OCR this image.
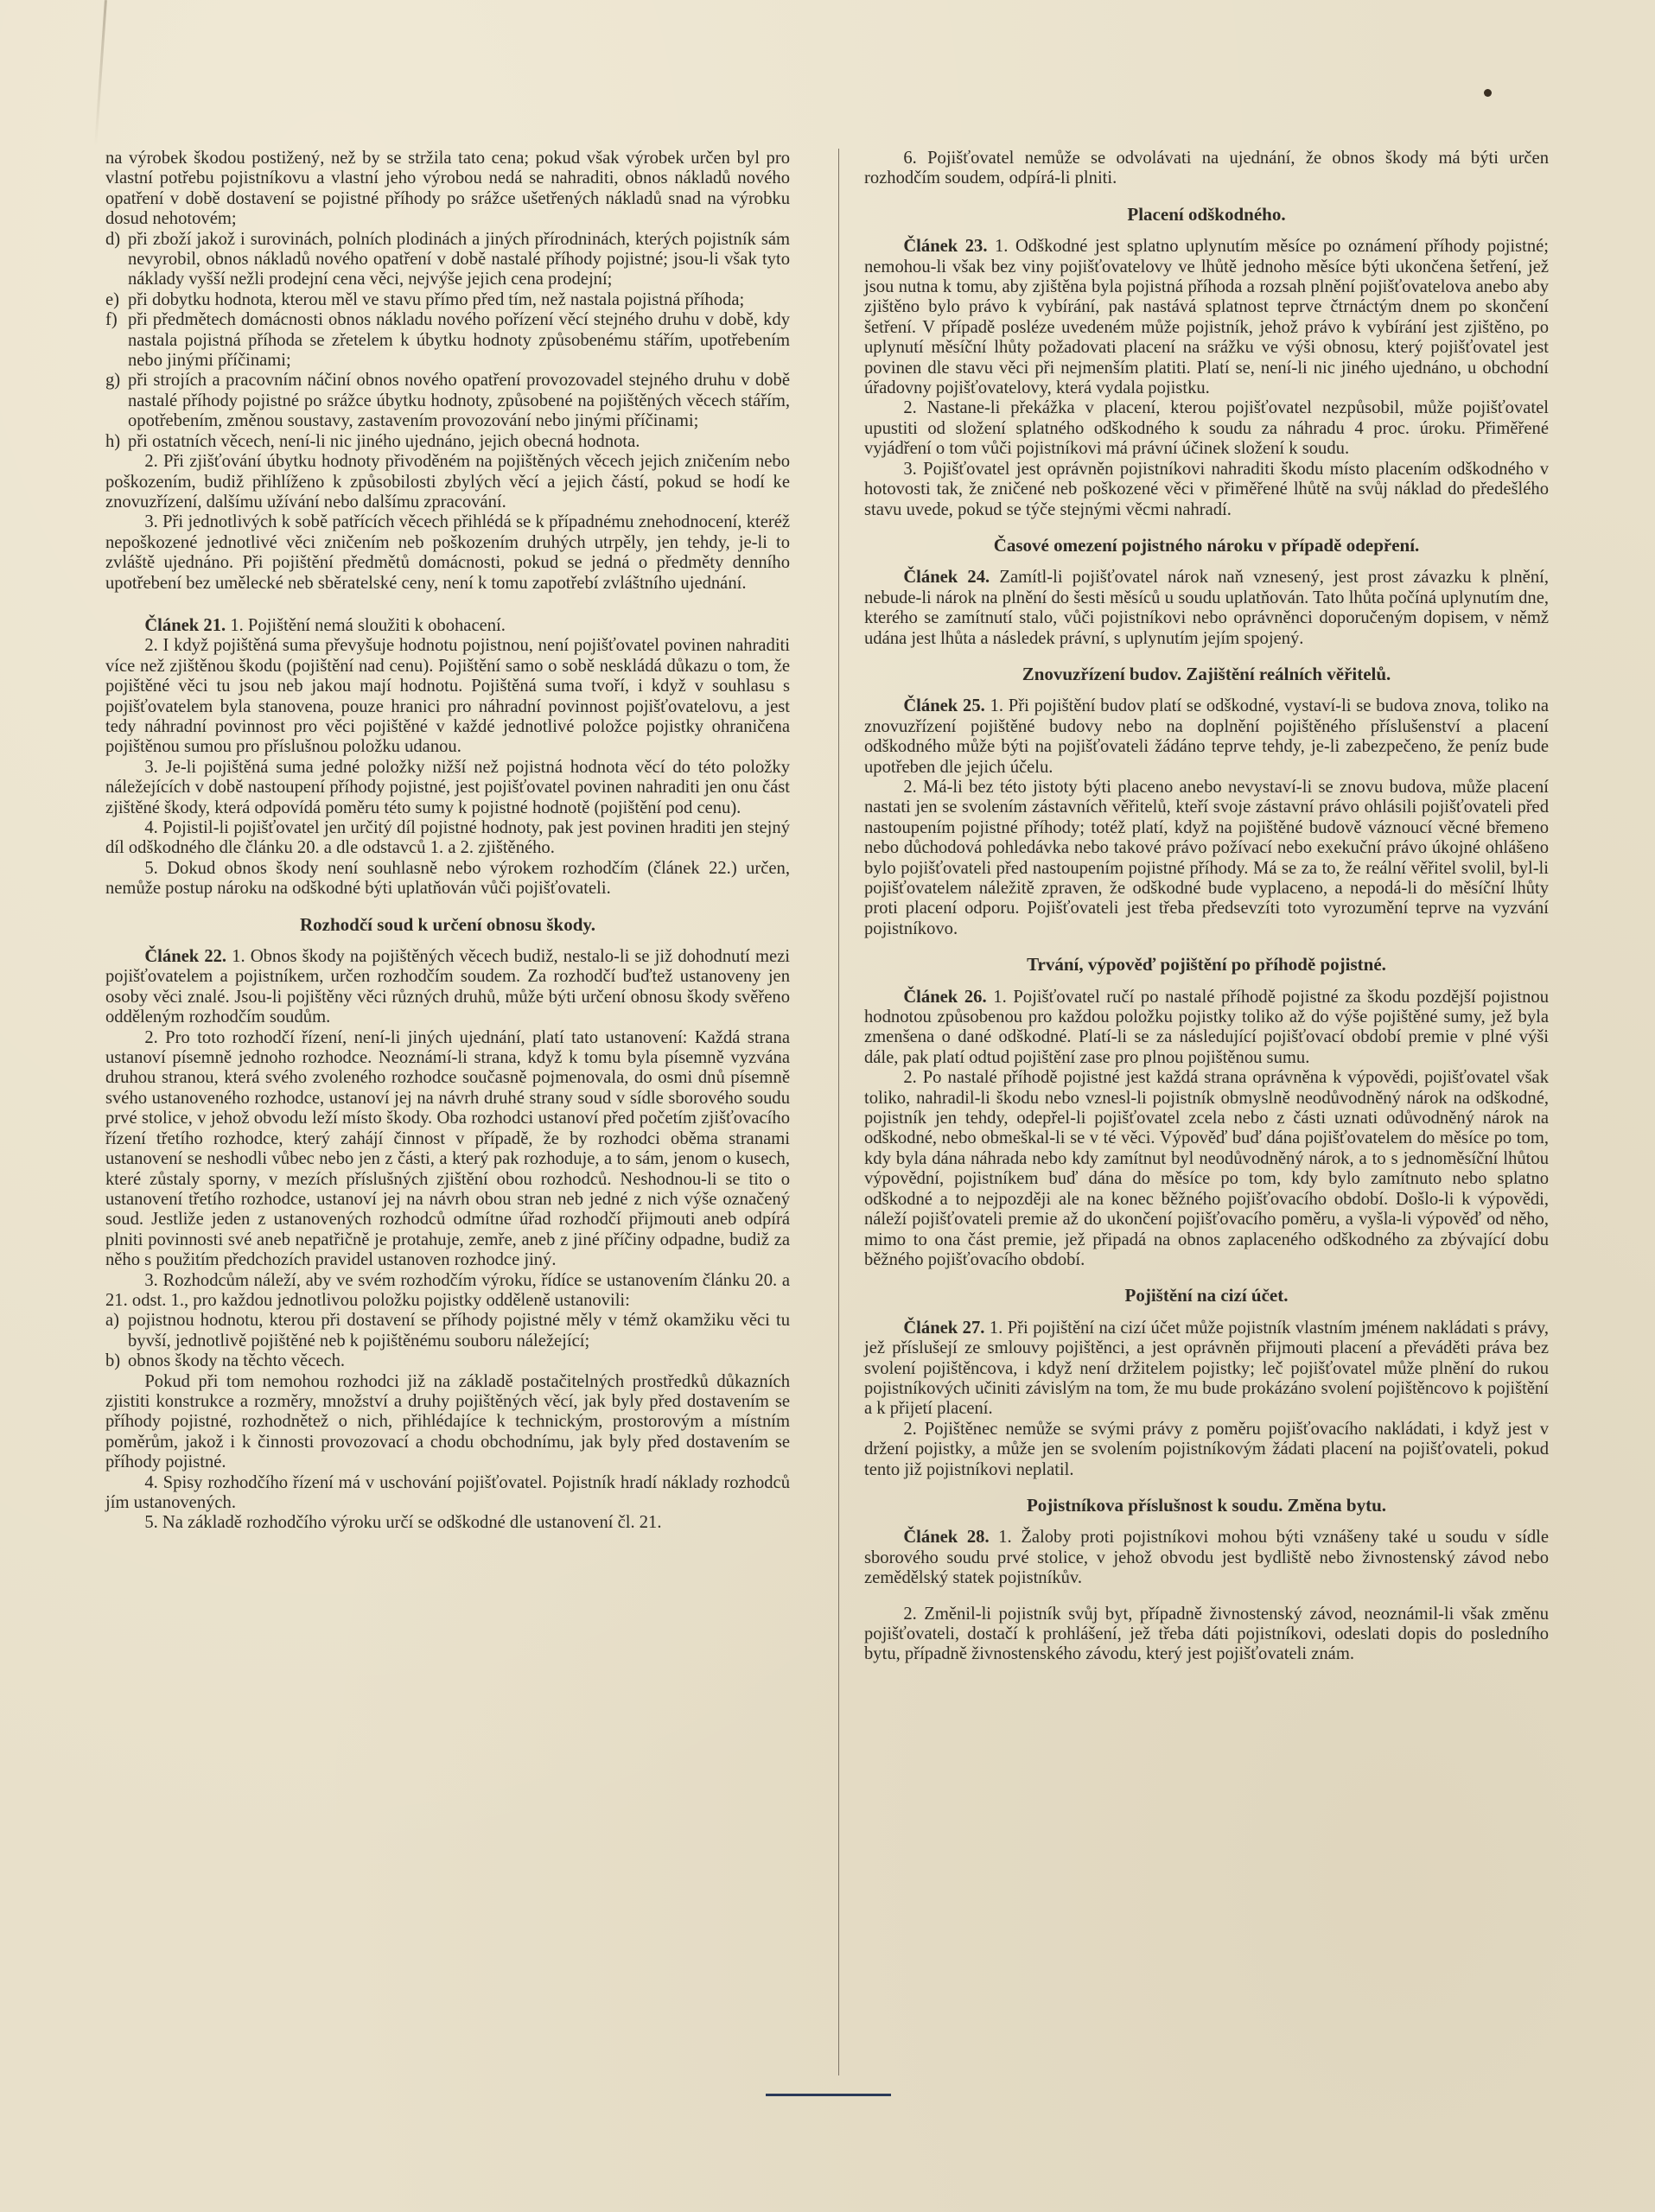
na výrobek škodou postižený, než by se stržila tato cena; pokud však výrobek určen byl pro vlastní potřebu pojistníkovu a vlastní jeho výrobou nedá se nahraditi, obnos nákladů nového opatření v době dostavení se pojistné příhody po srážce ušetřených nákladů snad na výrobku dosud nehotovém;

d) při zboží jakož i surovinách, polních plodinách a jiných přírodninách, kterých pojistník sám nevyrobil, obnos nákladů nového opatření v době nastalé příhody pojistné; jsou-li však tyto náklady vyšší nežli prodejní cena věci, nejvýše jejich cena prodejní;
e) při dobytku hodnota, kterou měl ve stavu přímo před tím, než nastala pojistná příhoda;
f) při předmětech domácnosti obnos nákladu nového pořízení věcí stejného druhu v době, kdy nastala pojistná příhoda se zřetelem k úbytku hodnoty způsobenému stářím, upotřebením nebo jinými příčinami;
g) při strojích a pracovním náčiní obnos nového opatření provozovadel stejného druhu v době nastalé příhody pojistné po srážce úbytku hodnoty, způsobené na pojištěných věcech stářím, opotřebením, změnou soustavy, zastavením provozování nebo jinými příčinami;
h) při ostatních věcech, není-li nic jiného ujednáno, jejich obecná hodnota.

2. Při zjišťování úbytku hodnoty přivoděném na pojištěných věcech jejich zničením nebo poškozením, budiž přihlíženo k způsobilosti zbylých věcí a jejich částí, pokud se hodí ke znovuzřízení, dalšímu užívání nebo dalšímu zpracování.

3. Při jednotlivých k sobě patřících věcech přihlédá se k případnému znehodnocení, kteréž nepoškozené jednotlivé věci zničením neb poškozením druhých utrpěly, jen tehdy, je-li to zvláště ujednáno. Při pojištění předmětů domácnosti, pokud se jedná o předměty denního upotřebení bez umělecké neb sběratelské ceny, není k tomu zapotřebí zvláštního ujednání.

Článek 21. 1. Pojištění nemá sloužiti k obohacení.

2. I když pojištěná suma převyšuje hodnotu pojistnou, není pojišťovatel povinen nahraditi více než zjištěnou škodu (pojištění nad cenu). Pojištění samo o sobě neskládá důkazu o tom, že pojištěné věci tu jsou neb jakou mají hodnotu. Pojištěná suma tvoří, i když v souhlasu s pojišťovatelem byla stanovena, pouze hranici pro náhradní povinnost pojišťovatelovu, a jest tedy náhradní povinnost pro věci pojištěné v každé jednotlivé položce pojistky ohraničena pojištěnou sumou pro příslušnou položku udanou.

3. Je-li pojištěná suma jedné položky nižší než pojistná hodnota věcí do této položky náležejících v době nastoupení příhody pojistné, jest pojišťovatel povinen nahraditi jen onu část zjištěné škody, která odpovídá poměru této sumy k pojistné hodnotě (pojištění pod cenu).

4. Pojistil-li pojišťovatel jen určitý díl pojistné hodnoty, pak jest povinen hraditi jen stejný díl odškodného dle článku 20. a dle odstavců 1. a 2. zjištěného.

5. Dokud obnos škody není souhlasně nebo výrokem rozhodčím (článek 22.) určen, nemůže postup nároku na odškodné býti uplatňován vůči pojišťovateli.

Rozhodčí soud k určení obnosu škody.

Článek 22. 1. Obnos škody na pojištěných věcech budiž, nestalo-li se již dohodnutí mezi pojišťovatelem a pojistníkem, určen rozhodčím soudem. Za rozhodčí buďtež ustanoveny jen osoby věci znalé. Jsou-li pojištěny věci různých druhů, může býti určení obnosu škody svěřeno odděleným rozhodčím soudům.

2. Pro toto rozhodčí řízení, není-li jiných ujednání, platí tato ustanovení: Každá strana ustanoví písemně jednoho rozhodce. Neoznámí-li strana, když k tomu byla písemně vyzvána druhou stranou, která svého zvoleného rozhodce současně pojmenovala, do osmi dnů písemně svého ustanoveného rozhodce, ustanoví jej na návrh druhé strany soud v sídle sborového soudu prvé stolice, v jehož obvodu leží místo škody. Oba rozhodci ustanoví před početím zjišťovacího řízení třetího rozhodce, který zahájí činnost v případě, že by rozhodci oběma stranami ustanovení se neshodli vůbec nebo jen z části, a který pak rozhoduje, a to sám, jenom o kusech, které zůstaly sporny, v mezích příslušných zjištění obou rozhodců. Neshodnou-li se tito o ustanovení třetího rozhodce, ustanoví jej na návrh obou stran neb jedné z nich výše označený soud. Jestliže jeden z ustanovených rozhodců odmítne úřad rozhodčí přijmouti aneb odpírá plniti povinnosti své aneb nepatřičně je protahuje, zemře, aneb z jiné příčiny odpadne, budiž za něho s použitím předchozích pravidel ustanoven rozhodce jiný.

3. Rozhodcům náleží, aby ve svém rozhodčím výroku, řídíce se ustanovením článku 20. a 21. odst. 1., pro každou jednotlivou položku pojistky odděleně ustanovili:

a) pojistnou hodnotu, kterou při dostavení se příhody pojistné měly v témž okamžiku věci tu byvší, jednotlivě pojištěné neb k pojištěnému souboru náležející;
b) obnos škody na těchto věcech.

Pokud při tom nemohou rozhodci již na základě postačitelných prostředků důkazních zjistiti konstrukce a rozměry, množství a druhy pojištěných věcí, jak byly před dostavením se příhody pojistné, rozhodnětež o nich, přihlédajíce k technickým, prostorovým a místním poměrům, jakož i k činnosti provozovací a chodu obchodnímu, jak byly před dostavením se příhody pojistné.

4. Spisy rozhodčího řízení má v uschování pojišťovatel. Pojistník hradí náklady rozhodců jím ustanovených.

5. Na základě rozhodčího výroku určí se odškodné dle ustanovení čl. 21.

6. Pojišťovatel nemůže se odvolávati na ujednání, že obnos škody má býti určen rozhodčím soudem, odpírá-li plniti.

Placení odškodného.

Článek 23. 1. Odškodné jest splatno uplynutím měsíce po oznámení příhody pojistné; nemohou-li však bez viny pojišťovatelovy ve lhůtě jednoho měsíce býti ukončena šetření, jež jsou nutna k tomu, aby zjištěna byla pojistná příhoda a rozsah plnění pojišťovatelova anebo aby zjištěno bylo právo k vybírání, pak nastává splatnost teprve čtrnáctým dnem po skončení šetření. V případě posléze uvedeném může pojistník, jehož právo k vybírání jest zjištěno, po uplynutí měsíční lhůty požadovati placení na srážku ve výši obnosu, který pojišťovatel jest povinen dle stavu věci při nejmenším platiti. Platí se, není-li nic jiného ujednáno, u obchodní úřadovny pojišťovatelovy, která vydala pojistku.

2. Nastane-li překážka v placení, kterou pojišťovatel nezpůsobil, může pojišťovatel upustiti od složení splatného odškodného k soudu za náhradu 4 proc. úroku. Přiměřené vyjádření o tom vůči pojistníkovi má právní účinek složení k soudu.

3. Pojišťovatel jest oprávněn pojistníkovi nahraditi škodu místo placením odškodného v hotovosti tak, že zničené neb poškozené věci v přiměřené lhůtě na svůj náklad do předešlého stavu uvede, pokud se týče stejnými věcmi nahradí.

Časové omezení pojistného nároku v případě odepření.

Článek 24. Zamítl-li pojišťovatel nárok naň vznesený, jest prost závazku k plnění, nebude-li nárok na plnění do šesti měsíců u soudu uplatňován. Tato lhůta počíná uplynutím dne, kterého se zamítnutí stalo, vůči pojistníkovi nebo oprávněnci doporučeným dopisem, v němž udána jest lhůta a následek právní, s uplynutím jejím spojený.

Znovuzřízení budov. Zajištění reálních věřitelů.

Článek 25. 1. Při pojištění budov platí se odškodné, vystaví-li se budova znova, toliko na znovuzřízení pojištěné budovy nebo na doplnění pojištěného příslušenství a placení odškodného může býti na pojišťovateli žádáno teprve tehdy, je-li zabezpečeno, že peníz bude upotřeben dle jejich účelu.

2. Má-li bez této jistoty býti placeno anebo nevystaví-li se znovu budova, může placení nastati jen se svolením zástavních věřitelů, kteří svoje zástavní právo ohlásili pojišťovateli před nastoupením pojistné příhody; totéž platí, když na pojištěné budově váznoucí věcné břemeno nebo důchodová pohledávka nebo takové právo požívací nebo exekuční právo úkojné ohlášeno bylo pojišťovateli před nastoupením pojistné příhody. Má se za to, že reální věřitel svolil, byl-li pojišťovatelem náležitě zpraven, že odškodné bude vyplaceno, a nepodá-li do měsíční lhůty proti placení odporu. Pojišťovateli jest třeba předsevzíti toto vyrozumění teprve na vyzvání pojistníkovo.

Trvání, výpověď pojištění po příhodě pojistné.

Článek 26. 1. Pojišťovatel ručí po nastalé příhodě pojistné za škodu pozdější pojistnou hodnotou způsobenou pro každou položku pojistky toliko až do výše pojištěné sumy, jež byla zmenšena o dané odškodné. Platí-li se za následující pojišťovací období premie v plné výši dále, pak platí odtud pojištění zase pro plnou pojištěnou sumu.

2. Po nastalé příhodě pojistné jest každá strana oprávněna k výpovědi, pojišťovatel však toliko, nahradil-li škodu nebo vznesl-li pojistník obmyslně neodůvodněný nárok na odškodné, pojistník jen tehdy, odepřel-li pojišťovatel zcela nebo z části uznati odůvodněný nárok na odškodné, nebo obmeškal-li se v té věci. Výpověď buď dána pojišťovatelem do měsíce po tom, kdy byla dána náhrada nebo kdy zamítnut byl neodůvodněný nárok, a to s jednoměsíční lhůtou výpovědní, pojistníkem buď dána do měsíce po tom, kdy bylo zamítnuto nebo splatno odškodné a to nejpozději ale na konec běžného pojišťovacího období. Došlo-li k výpovědi, náleží pojišťovateli premie až do ukončení pojišťovacího poměru, a vyšla-li výpověď od něho, mimo to ona část premie, jež připadá na obnos zaplaceného odškodného za zbývající dobu běžného pojišťovacího období.

Pojištění na cizí účet.

Článek 27. 1. Při pojištění na cizí účet může pojistník vlastním jménem nakládati s právy, jež příslušejí ze smlouvy pojištěnci, a jest oprávněn přijmouti placení a převáděti práva bez svolení pojištěncova, i když není držitelem pojistky; leč pojišťovatel může plnění do rukou pojistníkových učiniti závislým na tom, že mu bude prokázáno svolení pojištěncovo k pojištění a k přijetí placení.

2. Pojištěnec nemůže se svými právy z poměru pojišťovacího nakládati, i když jest v držení pojistky, a může jen se svolením pojistníkovým žádati placení na pojišťovateli, pokud tento již pojistníkovi neplatil.

Pojistníkova příslušnost k soudu. Změna bytu.

Článek 28. 1. Žaloby proti pojistníkovi mohou býti vznášeny také u soudu v sídle sborového soudu prvé stolice, v jehož obvodu jest bydliště nebo živnostenský závod nebo zemědělský statek pojistníkův.

2. Změnil-li pojistník svůj byt, případně živnostenský závod, neoznámil-li však změnu pojišťovateli, dostačí k prohlášení, jež třeba dáti pojistníkovi, odeslati dopis do posledního bytu, případně živnostenského závodu, který jest pojišťovateli znám.
